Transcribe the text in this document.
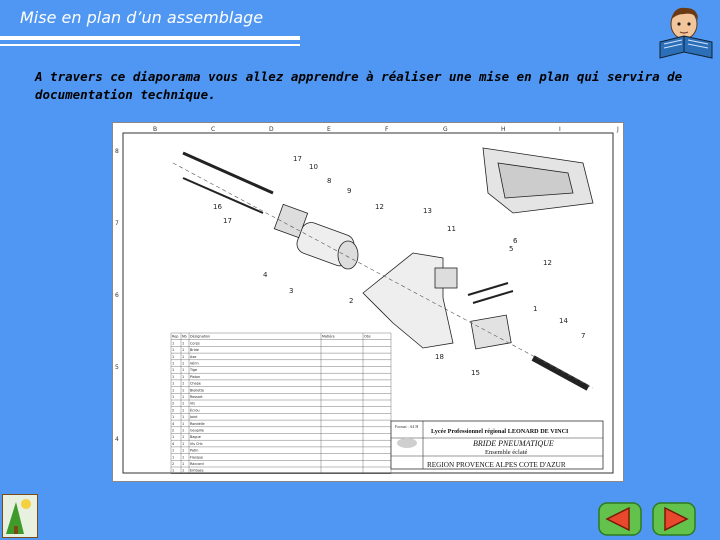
Mise en plan d’un assemblage
A travers ce diaporama vous allez apprendre à réaliser une mise en plan qui servira de documentation technique.
B	C	D	E	F	G	H	I	J
8
7
6
5
4
17
10
8
9
13
12
11
5
6
4
3
2
1
14
12
17
16
18
15
7
Rep Nb Désignation	Matière	Obs
1 1 Corps
1 1 Bride
1 1 Axe
1 1 Vérin
1 1 Tige
1 1 Piston
1 1 Chape
1 1 Biellette
1 1 Ressort
2 1 Vis
2 1 Écrou
1 1 Joint
4 1 Rondelle
2 1 Goupille
1 1 Bague
4 1 Vis CHc
1 1 Patin
1 1 Flasque
2 1 Raccord
1 1 Embase
Lycée Professionnel régional LEONARD DE VINCI
BRIDE PNEUMATIQUE
Ensemble éclaté
REGION PROVENCE ALPES COTE D'AZUR
Format : A4 H
